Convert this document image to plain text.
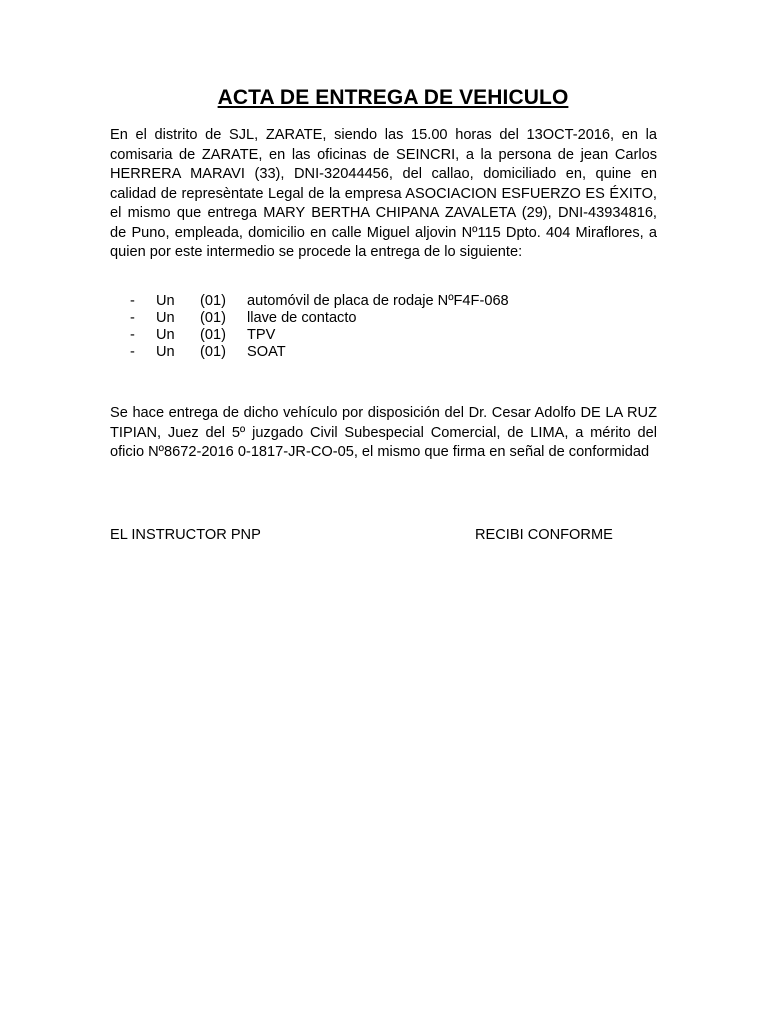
ACTA DE ENTREGA DE VEHICULO

En el distrito de SJL, ZARATE, siendo las 15.00 horas del 13OCT-2016, en la comisaria de ZARATE, en las oficinas de SEINCRI, a la persona de jean Carlos HERRERA MARAVI (33), DNI-32044456, del callao, domiciliado en, quine en calidad de represèntate Legal de la empresa ASOCIACION ESFUERZO ES ÉXITO, el mismo que entrega MARY BERTHA CHIPANA ZAVALETA (29), DNI-43934816, de Puno, empleada, domicilio en calle Miguel aljovin Nº115 Dpto. 404 Miraflores, a quien por este intermedio se procede la entrega de lo siguiente:

- Un (01) automóvil de placa de rodaje NºF4F-068
- Un (01) llave de contacto
- Un (01) TPV
- Un (01) SOAT

Se hace entrega de dicho vehículo por disposición del Dr. Cesar Adolfo DE LA RUZ TIPIAN, Juez del 5º juzgado Civil Subespecial Comercial, de LIMA, a mérito del oficio Nº8672-2016 0-1817-JR-CO-05, el mismo que firma en señal de conformidad

EL INSTRUCTOR PNP	RECIBI CONFORME
